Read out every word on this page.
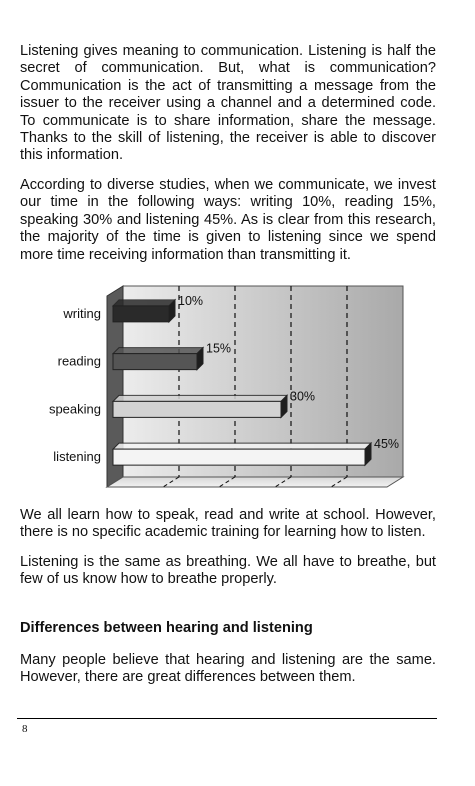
Listening gives meaning to communication. Listening is half the secret of communication. But, what is communication? Communication is the act of transmitting a message from the issuer to the receiver using a channel and a determined code. To communicate is to share information, share the message. Thanks to the skill of listening, the receiver is able to discover this information.

According to diverse studies, when we communicate, we invest our time in the following ways: writing 10%, reading 15%, speaking 30% and listening 45%. As is clear from this research, the majority of the time is given to listening since we spend more time receiving information than transmitting it.

writing
10%
reading
15%
speaking
30%
listening
45%

We all learn how to speak, read and write at school. However, there is no specific academic training for learning how to listen.

Listening is the same as breathing. We all have to breathe, but few of us know how to breathe properly.

Differences between hearing and listening

Many people believe that hearing and listening are the same. However, there are great differences between them.

8
